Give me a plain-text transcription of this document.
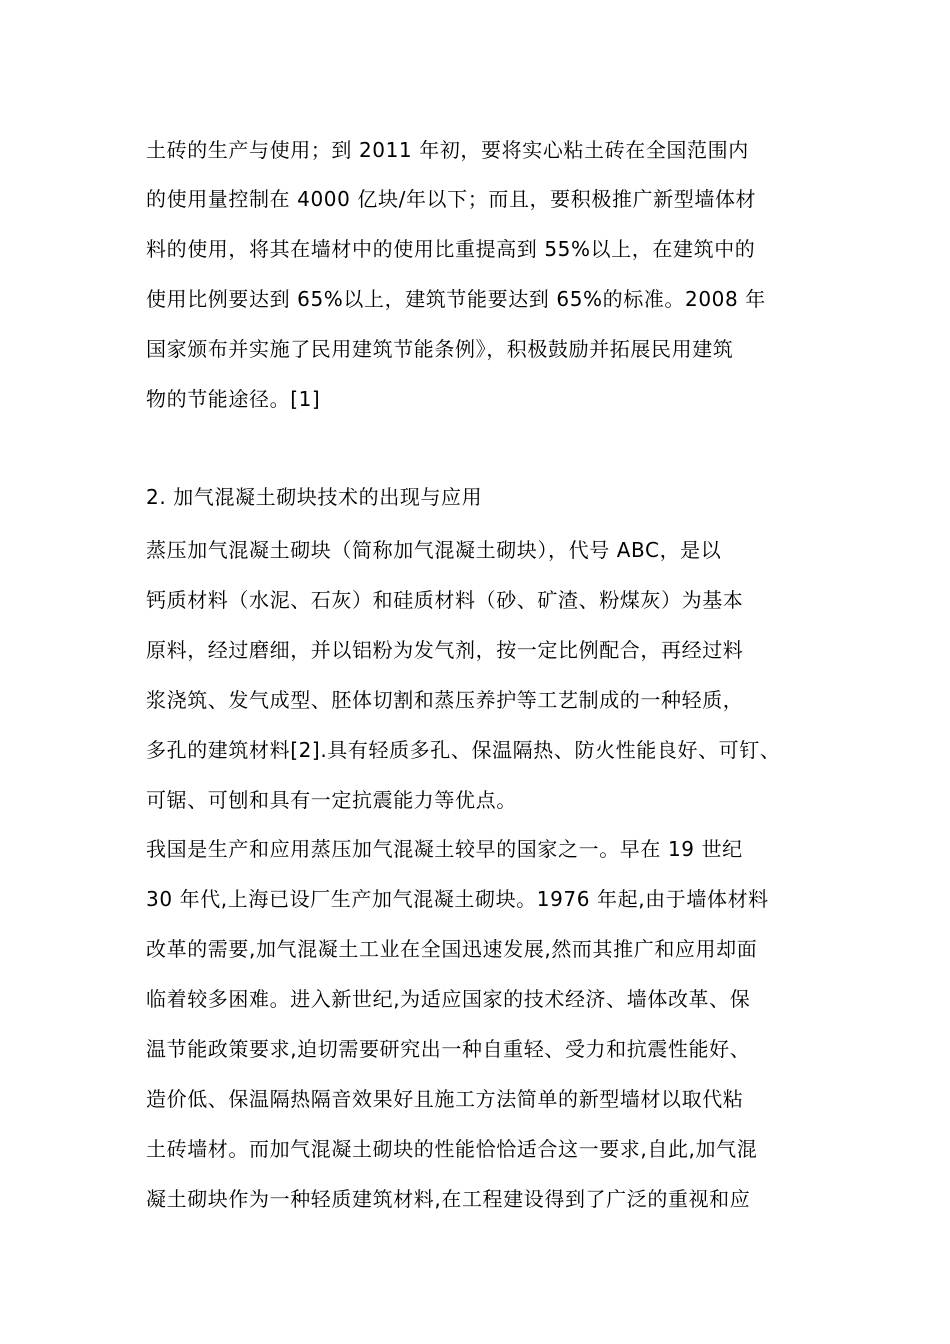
土砖的生产与使用；到 2011 年初，要将实心粘土砖在全国范围内
的使用量控制在 4000 亿块/年以下；而且，要积极推广新型墙体材
料的使用，将其在墙材中的使用比重提高到 55%以上，在建筑中的
使用比例要达到 65%以上，建筑节能要达到 65%的标准。2008 年
国家颁布并实施了民用建筑节能条例》，积极鼓励并拓展民用建筑
物的节能途径。[1]
2. 加气混凝土砌块技术的出现与应用
蒸压加气混凝土砌块（简称加气混凝土砌块），代号 ABC，是以
钙质材料（水泥、石灰）和硅质材料（砂、矿渣、粉煤灰）为基本
原料，经过磨细，并以铝粉为发气剂，按一定比例配合，再经过料
浆浇筑、发气成型、胚体切割和蒸压养护等工艺制成的一种轻质，
多孔的建筑材料[2].具有轻质多孔、保温隔热、防火性能良好、可钉、
可锯、可刨和具有一定抗震能力等优点。
我国是生产和应用蒸压加气混凝土较早的国家之一。早在 19 世纪
30 年代,上海已设厂生产加气混凝土砌块。1976 年起,由于墙体材料
改革的需要,加气混凝土工业在全国迅速发展,然而其推广和应用却面
临着较多困难。进入新世纪,为适应国家的技术经济、墙体改革、保
温节能政策要求,迫切需要研究出一种自重轻、受力和抗震性能好、
造价低、保温隔热隔音效果好且施工方法简单的新型墙材以取代粘
土砖墙材。而加气混凝土砌块的性能恰恰适合这一要求,自此,加气混
凝土砌块作为一种轻质建筑材料,在工程建设得到了广泛的重视和应
